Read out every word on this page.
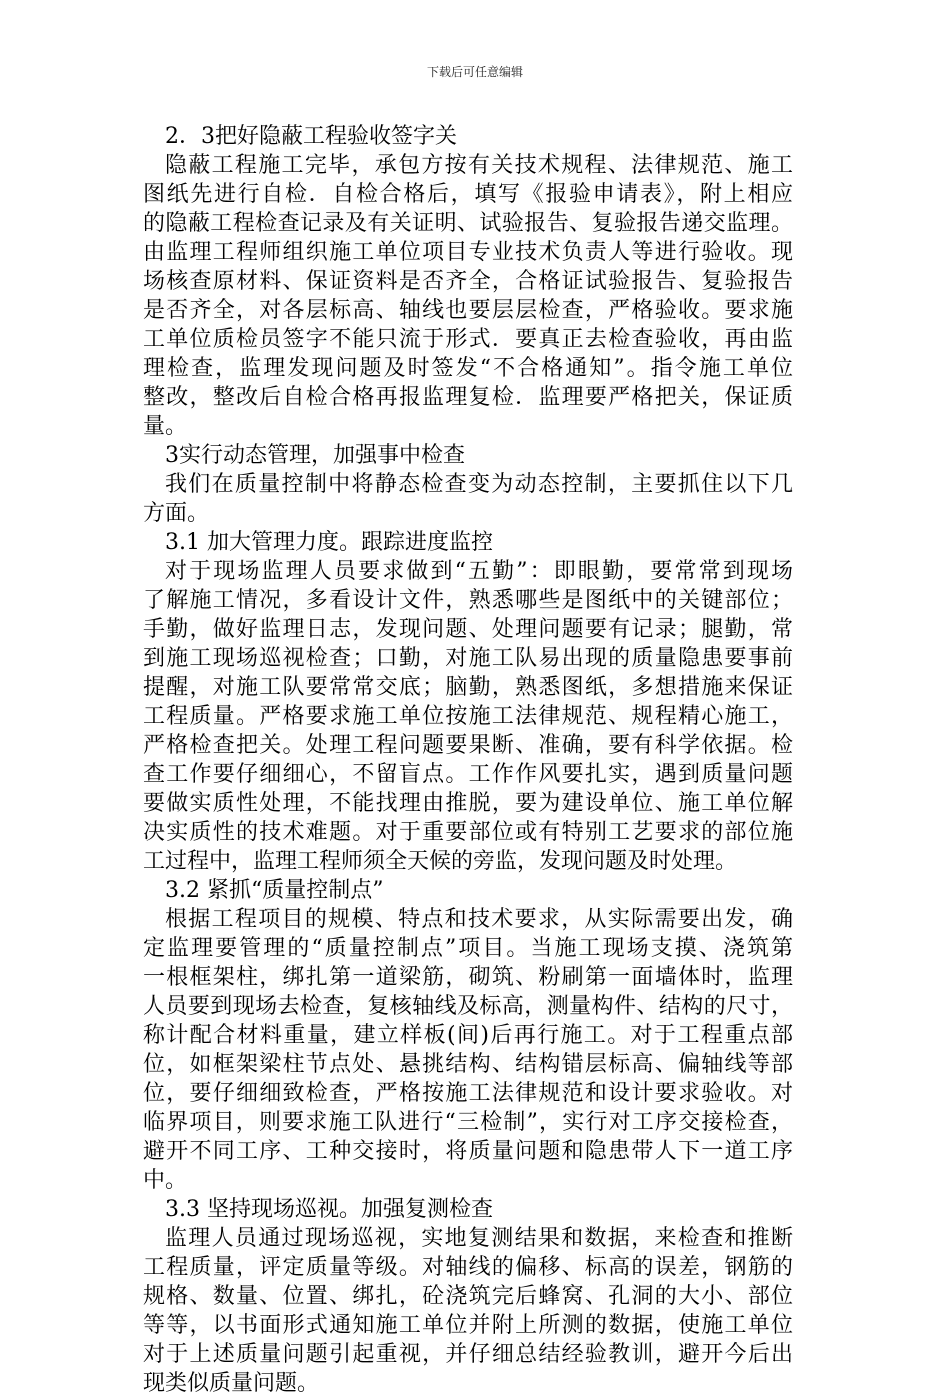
下载后可任意编辑
2．3把好隐蔽工程验收签字关
隐蔽工程施工完毕，承包方按有关技术规程、法律规范、施工
图纸先进行自检．自检合格后，填写《报验申请表》，附上相应
的隐蔽工程检查记录及有关证明、试验报告、复验报告递交监理。
由监理工程师组织施工单位项目专业技术负责人等进行验收。现
场核查原材料、保证资料是否齐全，合格证试验报告、复验报告
是否齐全，对各层标高、轴线也要层层检查，严格验收。要求施
工单位质检员签字不能只流于形式．要真正去检查验收，再由监
理检查，监理发现问题及时签发“不合格通知”。指令施工单位
整改，整改后自检合格再报监理复检．监理要严格把关，保证质
量。
3实行动态管理，加强事中检查
我们在质量控制中将静态检查变为动态控制，主要抓住以下几
方面。
3.1 加大管理力度。跟踪进度监控
对于现场监理人员要求做到“五勤”：即眼勤，要常常到现场
了解施工情况，多看设计文件，熟悉哪些是图纸中的关键部位；
手勤，做好监理日志，发现问题、处理问题要有记录；腿勤，常
到施工现场巡视检查；口勤，对施工队易出现的质量隐患要事前
提醒，对施工队要常常交底；脑勤，熟悉图纸，多想措施来保证
工程质量。严格要求施工单位按施工法律规范、规程精心施工，
严格检查把关。处理工程问题要果断、准确，要有科学依据。检
查工作要仔细细心，不留盲点。工作作风要扎实，遇到质量问题
要做实质性处理，不能找理由推脱，要为建设单位、施工单位解
决实质性的技术难题。对于重要部位或有特别工艺要求的部位施
工过程中，监理工程师须全天候的旁监，发现问题及时处理。
3.2 紧抓“质量控制点”
根据工程项目的规模、特点和技术要求，从实际需要出发，确
定监理要管理的“质量控制点”项目。当施工现场支摸、浇筑第
一根框架柱，绑扎第一道梁筋，砌筑、粉刷第一面墙体时，监理
人员要到现场去检查，复核轴线及标高，测量构件、结构的尺寸，
称计配合材料重量，建立样板(间)后再行施工。对于工程重点部
位，如框架梁柱节点处、悬挑结构、结构错层标高、偏轴线等部
位，要仔细细致检查，严格按施工法律规范和设计要求验收。对
临界项目，则要求施工队进行“三检制”，实行对工序交接检查，
避开不同工序、工种交接时，将质量问题和隐患带人下一道工序
中。
3.3 坚持现场巡视。加强复测检查
监理人员通过现场巡视，实地复测结果和数据，来检查和推断
工程质量，评定质量等级。对轴线的偏移、标高的误差，钢筋的
规格、数量、位置、绑扎，砼浇筑完后蜂窝、孔洞的大小、部位
等等，以书面形式通知施工单位并附上所测的数据，使施工单位
对于上述质量问题引起重视，并仔细总结经验教训，避开今后出
现类似质量问题。
